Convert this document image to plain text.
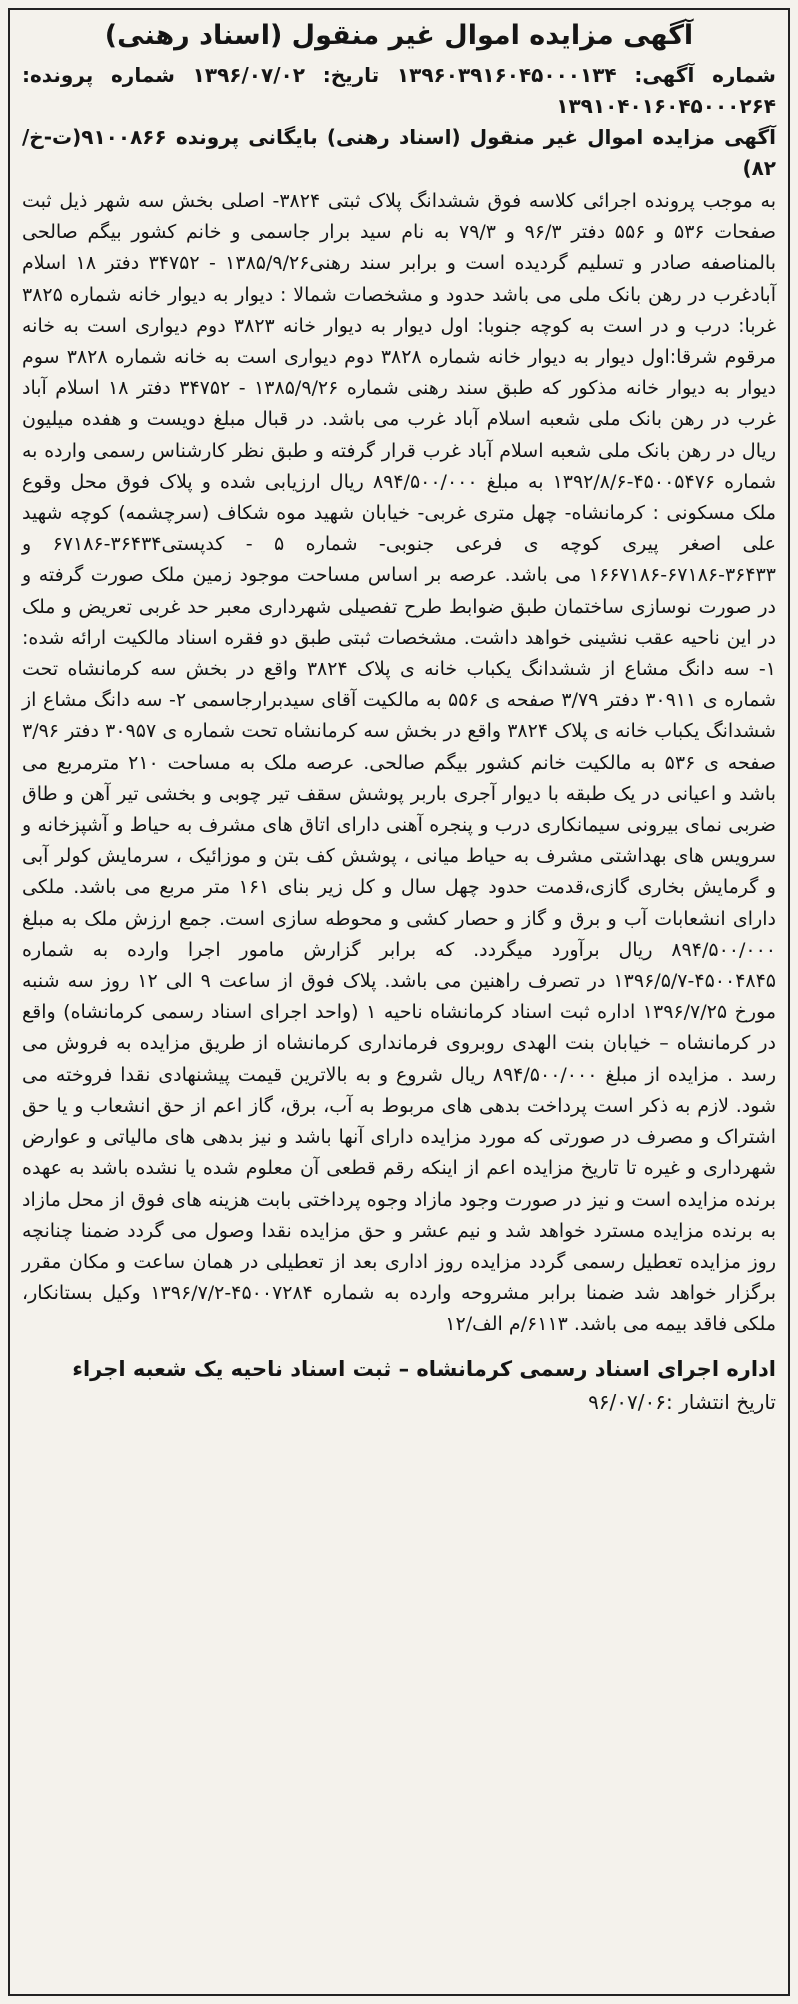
آگهی مزایده اموال غیر منقول (اسناد رهنی)

شماره آگهی: ۱۳۹۶۰۳۹۱۶۰۴۵۰۰۰۱۳۴ تاریخ: ۱۳۹۶/۰۷/۰۲ شماره پرونده: ۱۳۹۱۰۴۰۱۶۰۴۵۰۰۰۲۶۴

آگهی مزایده اموال غیر منقول (اسناد رهنی) بایگانی پرونده ۹۱۰۰۸۶۶(ت-خ/۸۲)

به موجب پرونده اجرائی کلاسه فوق ششدانگ پلاک ثبتی ۳۸۲۴- اصلی بخش سه شهر ذیل ثبت صفحات ۵۳۶ و ۵۵۶ دفتر ۹۶/۳ و ۷۹/۳ به نام سید برار جاسمی و خانم کشور بیگم صالحی بالمناصفه صادر و تسلیم گردیده است و برابر سند رهنی۱۳۸۵/۹/۲۶ - ۳۴۷۵۲ دفتر ۱۸ اسلام آبادغرب در رهن بانک ملی می باشد حدود و مشخصات شمالا : دیوار به دیوار خانه شماره ۳۸۲۵ غربا: درب و در است به کوچه جنوبا: اول دیوار به دیوار خانه ۳۸۲۳ دوم دیواری است به خانه مرقوم شرقا:اول دیوار به دیوار خانه شماره ۳۸۲۸ دوم دیواری است به خانه شماره ۳۸۲۸ سوم دیوار به دیوار خانه مذکور که طبق سند رهنی شماره ۱۳۸۵/۹/۲۶ - ۳۴۷۵۲ دفتر ۱۸ اسلام آباد غرب در رهن بانک ملی شعبه اسلام آباد غرب می باشد. در قبال مبلغ دویست و هفده میلیون ریال در رهن بانک ملی شعبه اسلام آباد غرب قرار گرفته و طبق نظر کارشناس رسمی وارده به شماره ۴۵۰۰۵۴۷۶-۱۳۹۲/۸/۶ به مبلغ ۸۹۴/۵۰۰/۰۰۰ ریال ارزیابی شده و پلاک فوق محل وقوع ملک مسکونی : کرمانشاه- چهل متری غربی- خیابان شهید موه شکاف (سرچشمه) کوچه شهید علی اصغر پیری کوچه ی فرعی جنوبی- شماره ۵ - کدپستی۳۶۴۳۴-۶۷۱۸۶ و ۳۶۴۳۳-۶۷۱۸۶-۱۶۶۷۱۸۶ می باشد. عرصه بر اساس مساحت موجود زمین ملک صورت گرفته و در صورت نوسازی ساختمان طبق ضوابط طرح تفصیلی شهرداری معبر حد غربی تعریض و ملک در این ناحیه عقب نشینی خواهد داشت. مشخصات ثبتی طبق دو فقره اسناد مالکیت ارائه شده: ۱- سه دانگ مشاع از ششدانگ یکباب خانه ی پلاک ۳۸۲۴ واقع در بخش سه کرمانشاه تحت شماره ی ۳۰۹۱۱ دفتر ۳/۷۹ صفحه ی ۵۵۶ به مالکیت آقای سیدبرارجاسمی ۲- سه دانگ مشاع از ششدانگ یکباب خانه ی پلاک ۳۸۲۴ واقع در بخش سه کرمانشاه تحت شماره ی ۳۰۹۵۷ دفتر ۳/۹۶ صفحه ی ۵۳۶ به مالکیت خانم کشور بیگم صالحی. عرصه ملک به مساحت ۲۱۰ مترمربع می باشد و اعیانی در یک طبقه با دیوار آجری باربر پوشش سقف تیر چوبی و بخشی تیر آهن و طاق ضربی نمای بیرونی سیمانکاری درب و پنجره آهنی دارای اتاق های مشرف به حیاط و آشپزخانه و سرویس های بهداشتی مشرف به حیاط میانی ، پوشش کف بتن و موزائیک ، سرمایش کولر آبی و گرمایش بخاری گازی،قدمت حدود چهل سال و کل زیر بنای ۱۶۱ متر مربع می باشد. ملکی دارای انشعابات آب و برق و گاز و حصار کشی و محوطه سازی است. جمع ارزش ملک به مبلغ ۸۹۴/۵۰۰/۰۰۰ ریال برآورد میگردد. که برابر گزارش مامور اجرا وارده به شماره ۴۵۰۰۴۸۴۵-۱۳۹۶/۵/۷ در تصرف راهنین می باشد. پلاک فوق از ساعت ۹ الی ۱۲ روز سه شنبه مورخ ۱۳۹۶/۷/۲۵ اداره ثبت اسناد کرمانشاه ناحیه ۱ (واحد اجرای اسناد رسمی کرمانشاه) واقع در کرمانشاه – خیابان بنت الهدی روبروی فرمانداری کرمانشاه از طریق مزایده به فروش می رسد . مزایده از مبلغ ۸۹۴/۵۰۰/۰۰۰ ریال شروع و به بالاترین قیمت پیشنهادی نقدا فروخته می شود. لازم به ذکر است پرداخت بدهی های مربوط به آب، برق، گاز اعم از حق انشعاب و یا حق اشتراک و مصرف در صورتی که مورد مزایده دارای آنها باشد و نیز بدهی های مالیاتی و عوارض شهرداری و غیره تا تاریخ مزایده اعم از اینکه رقم قطعی آن معلوم شده یا نشده باشد به عهده برنده مزایده است و نیز در صورت وجود مازاد وجوه پرداختی بابت هزینه های فوق از محل مازاد به برنده مزایده مسترد خواهد شد و نیم عشر و حق مزایده نقدا وصول می گردد ضمنا چنانچه روز مزایده تعطیل رسمی گردد مزایده روز اداری بعد از تعطیلی در همان ساعت و مکان مقرر برگزار خواهد شد ضمنا برابر مشروحه وارده به شماره ۴۵۰۰۷۲۸۴-۱۳۹۶/۷/۲ وکیل بستانکار، ملکی فاقد بیمه می باشد. ۶۱۱۳/م الف/۱۲

اداره اجرای اسناد رسمی کرمانشاه – ثبت اسناد ناحیه یک شعبه اجراء

تاریخ انتشار :۹۶/۰۷/۰۶
